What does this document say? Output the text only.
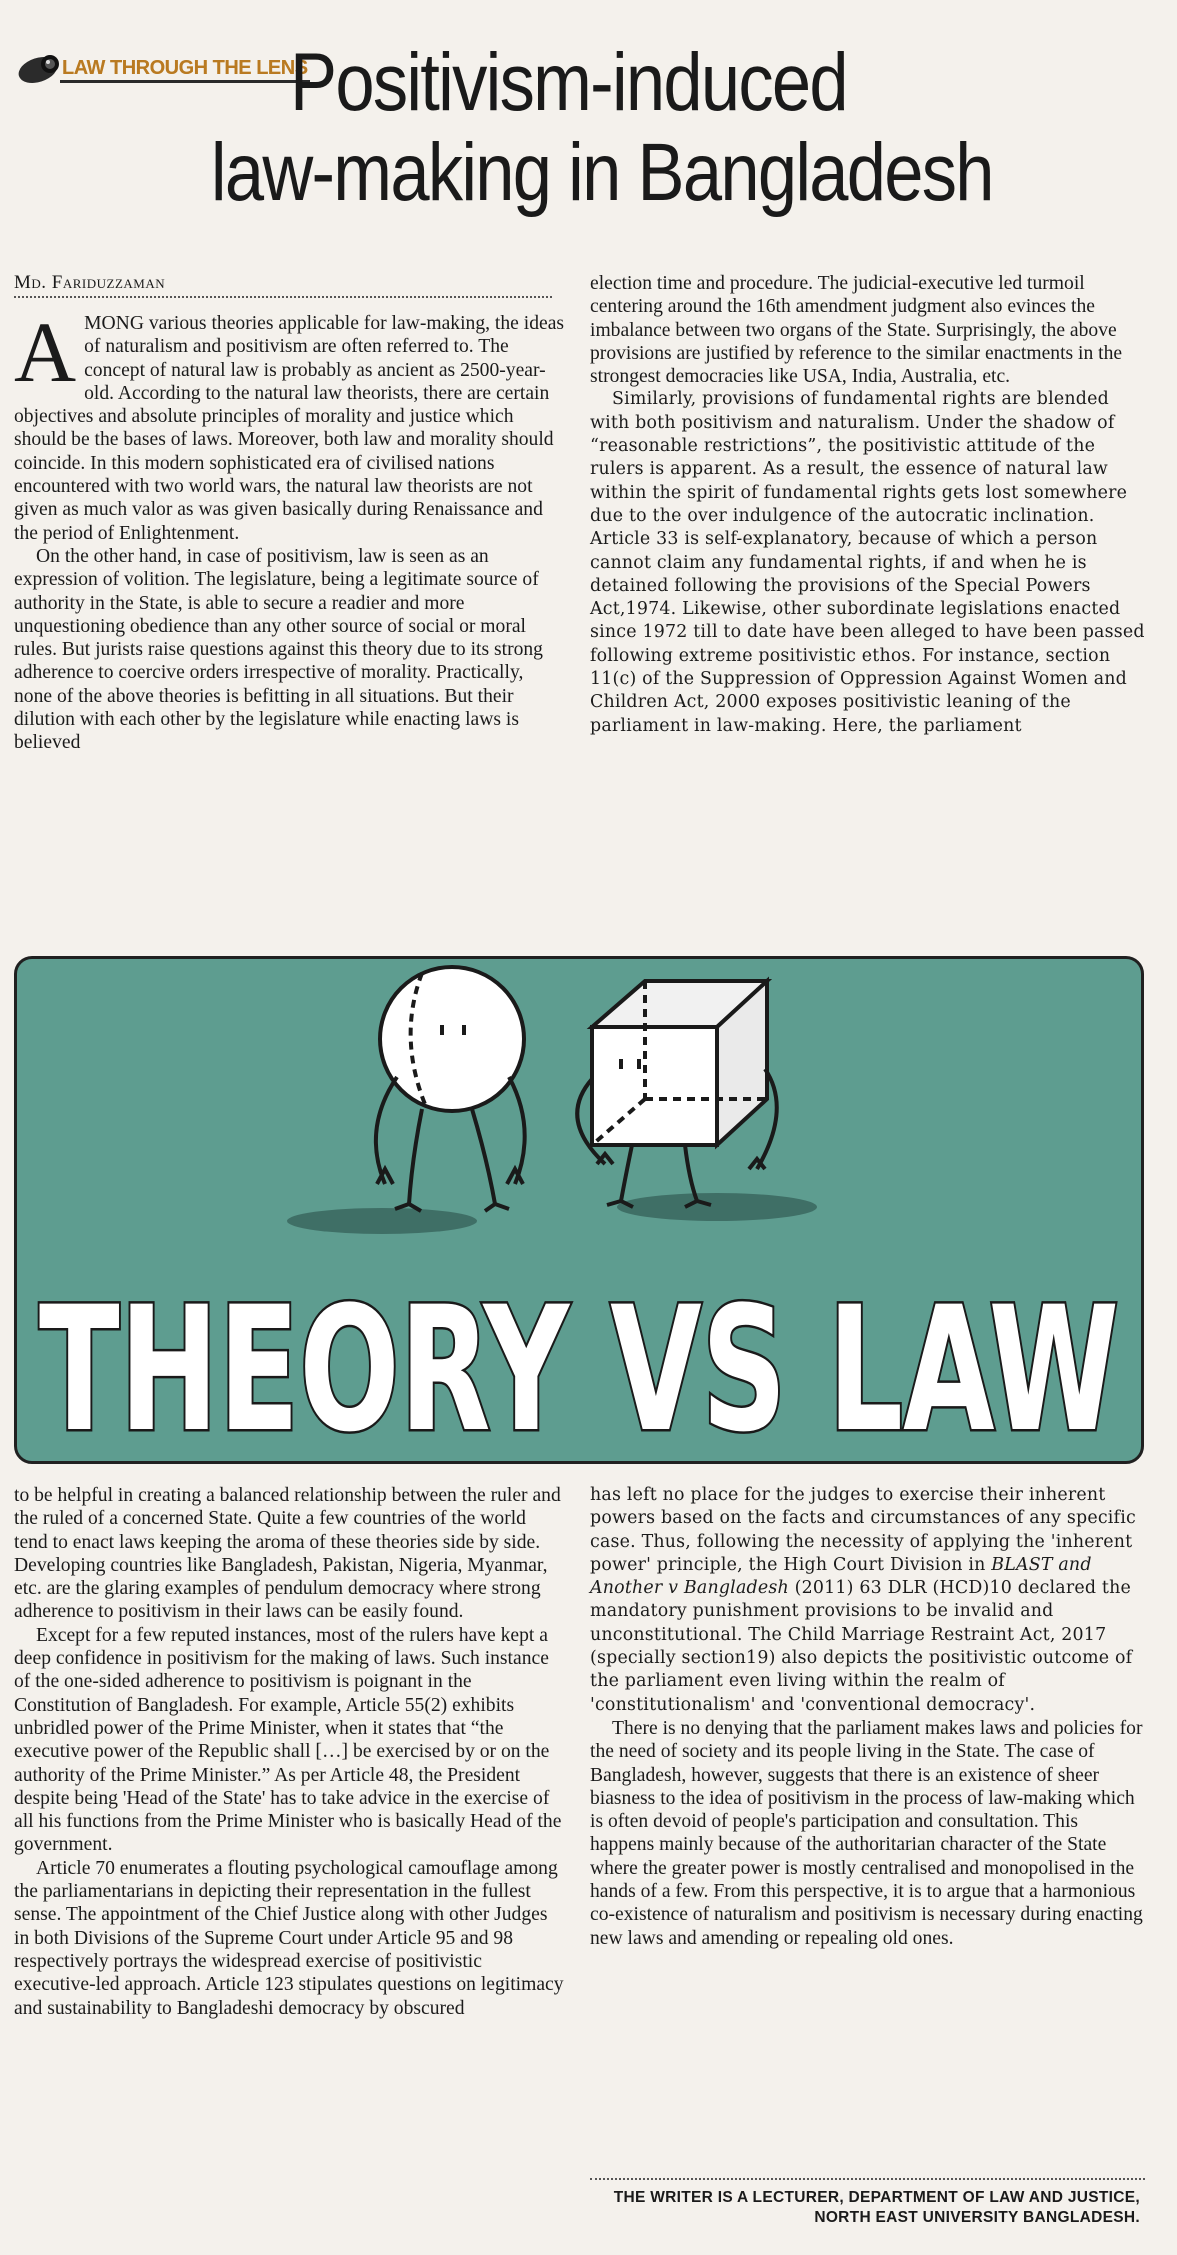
LAW THROUGH THE LENS
Positivism-induced
law-making in Bangladesh
Md. Fariduzzaman

AMONG various theories applicable for law-making, the ideas of naturalism and positivism are often referred to. The concept of natural law is probably as ancient as 2500-year-old. According to the natural law theorists, there are certain objectives and absolute principles of morality and justice which should be the bases of laws. Moreover, both law and morality should coincide. In this modern sophisticated era of civilised nations encountered with two world wars, the natural law theorists are not given as much valor as was given basically during Renaissance and the period of Enlightenment.

On the other hand, in case of positivism, law is seen as an expression of volition. The legislature, being a legitimate source of authority in the State, is able to secure a readier and more unquestioning obedience than any other source of social or moral rules. But jurists raise questions against this theory due to its strong adherence to coercive orders irrespective of morality. Practically, none of the above theories is befitting in all situations. But their dilution with each other by the legislature while enacting laws is believed

election time and procedure. The judicial-executive led turmoil centering around the 16th amendment judgment also evinces the imbalance between two organs of the State. Surprisingly, the above provisions are justified by reference to the similar enactments in the strongest democracies like USA, India, Australia, etc.

Similarly, provisions of fundamental rights are blended with both positivism and naturalism. Under the shadow of “reasonable restrictions”, the positivistic attitude of the rulers is apparent. As a result, the essence of natural law within the spirit of fundamental rights gets lost somewhere due to the over indulgence of the autocratic inclination. Article 33 is self-explanatory, because of which a person cannot claim any fundamental rights, if and when he is detained following the provisions of the Special Powers Act,1974. Likewise, other subordinate legislations enacted since 1972 till to date have been alleged to have been passed following extreme positivistic ethos. For instance, section 11(c) of the Suppression of Oppression Against Women and Children Act, 2000 exposes positivistic leaning of the parliament in law-making. Here, the parliament

THEORY VS LAW

to be helpful in creating a balanced relationship between the ruler and the ruled of a concerned State. Quite a few countries of the world tend to enact laws keeping the aroma of these theories side by side. Developing countries like Bangladesh, Pakistan, Nigeria, Myanmar, etc. are the glaring examples of pendulum democracy where strong adherence to positivism in their laws can be easily found.

Except for a few reputed instances, most of the rulers have kept a deep confidence in positivism for the making of laws. Such instance of the one-sided adherence to positivism is poignant in the Constitution of Bangladesh. For example, Article 55(2) exhibits unbridled power of the Prime Minister, when it states that “the executive power of the Republic shall […] be exercised by or on the authority of the Prime Minister.” As per Article 48, the President despite being 'Head of the State' has to take advice in the exercise of all his functions from the Prime Minister who is basically Head of the government.

Article 70 enumerates a flouting psychological camouflage among the parliamentarians in depicting their representation in the fullest sense. The appointment of the Chief Justice along with other Judges in both Divisions of the Supreme Court under Article 95 and 98 respectively portrays the widespread exercise of positivistic executive-led approach. Article 123 stipulates questions on legitimacy and sustainability to Bangladeshi democracy by obscured

has left no place for the judges to exercise their inherent powers based on the facts and circumstances of any specific case. Thus, following the necessity of applying the 'inherent power' principle, the High Court Division in BLAST and Another v Bangladesh (2011) 63 DLR (HCD)10 declared the mandatory punishment provisions to be invalid and unconstitutional. The Child Marriage Restraint Act, 2017 (specially section19) also depicts the positivistic outcome of the parliament even living within the realm of 'constitutionalism' and 'conventional democracy'.

There is no denying that the parliament makes laws and policies for the need of society and its people living in the State. The case of Bangladesh, however, suggests that there is an existence of sheer biasness to the idea of positivism in the process of law-making which is often devoid of people's participation and consultation. This happens mainly because of the authoritarian character of the State where the greater power is mostly centralised and monopolised in the hands of a few. From this perspective, it is to argue that a harmonious co-existence of naturalism and positivism is necessary during enacting new laws and amending or repealing old ones.

THE WRITER IS A LECTURER, DEPARTMENT OF LAW AND JUSTICE, NORTH EAST UNIVERSITY BANGLADESH.
